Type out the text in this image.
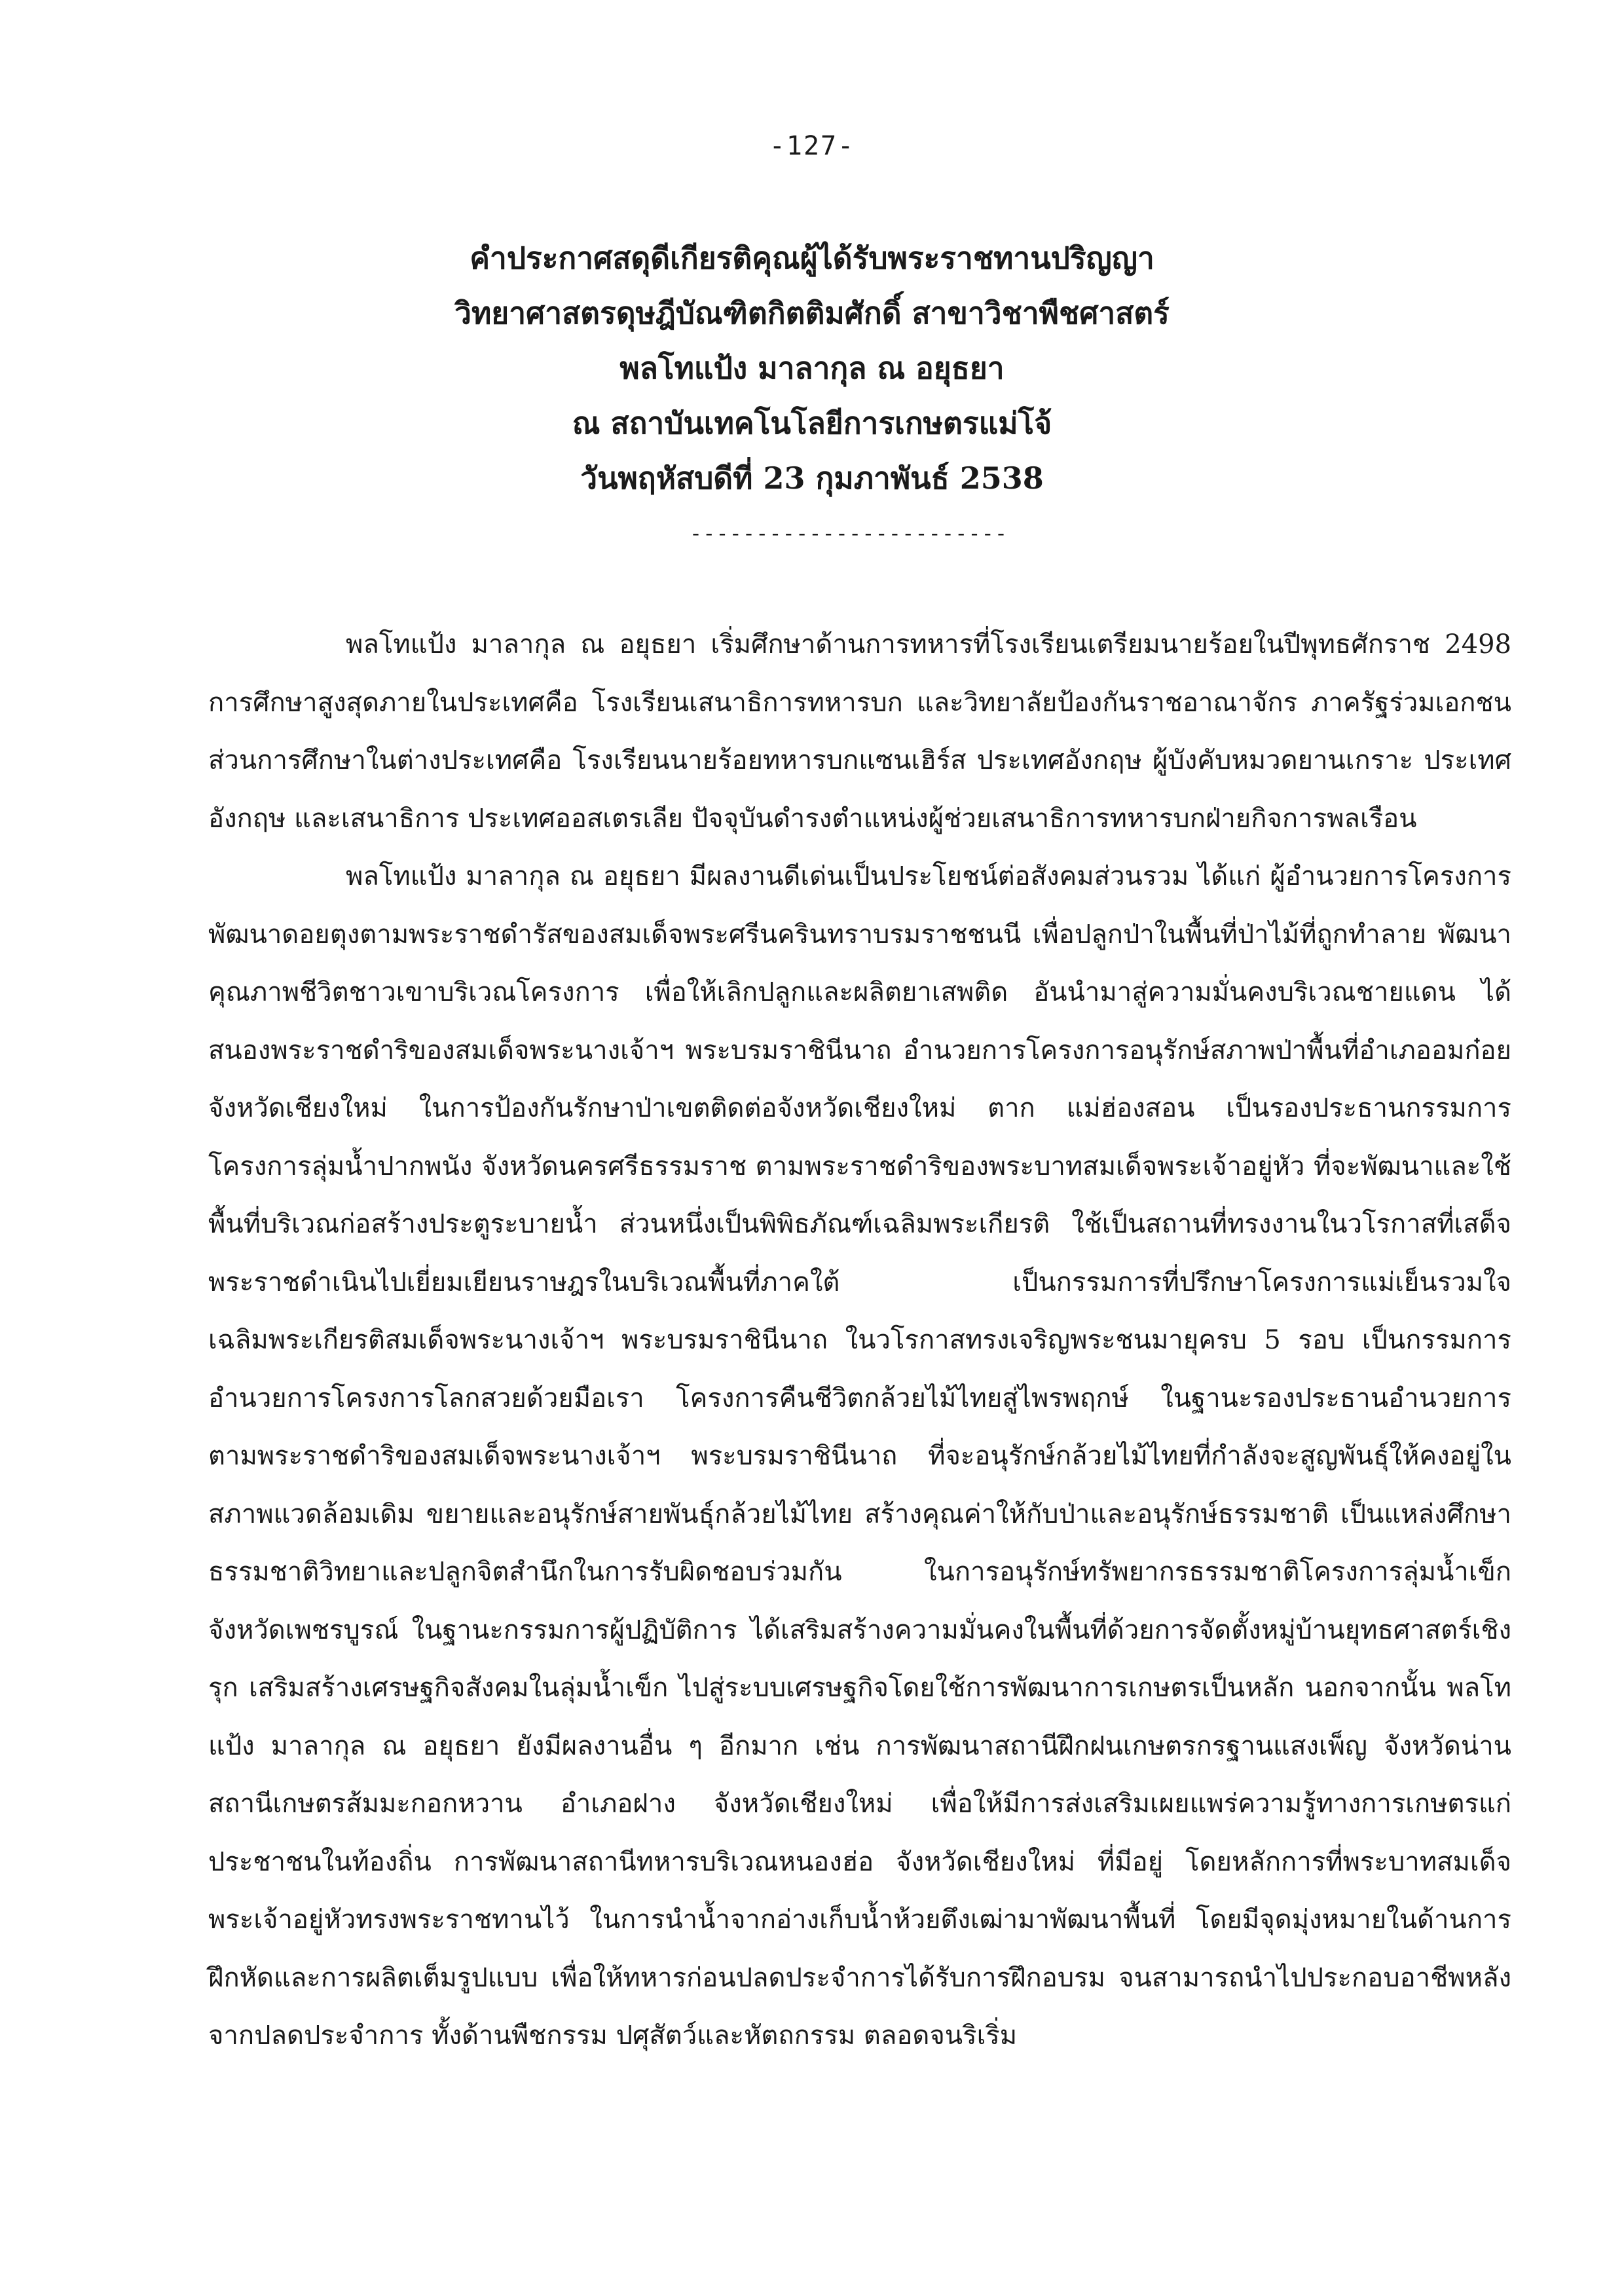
-127-
คำประกาศสดุดีเกียรติคุณผู้ได้รับพระราชทานปริญญา
วิทยาศาสตรดุษฎีบัณฑิตกิตติมศักดิ์ สาขาวิชาพืชศาสตร์
พลโทแป้ง มาลากุล ณ อยุธยา
ณ สถาบันเทคโนโลยีการเกษตรแม่โจ้
วันพฤหัสบดีที่ 23 กุมภาพันธ์ 2538
------------------------

พลโทแป้ง มาลากุล ณ อยุธยา เริ่มศึกษาด้านการทหารที่โรงเรียนเตรียมนายร้อยในปีพุทธศักราช 2498 การศึกษาสูงสุดภายในประเทศคือ โรงเรียนเสนาธิการทหารบก และวิทยาลัยป้องกันราชอาณาจักร ภาครัฐร่วมเอกชน ส่วนการศึกษาในต่างประเทศคือ โรงเรียนนายร้อยทหารบกแซนเฮิร์ส ประเทศอังกฤษ ผู้บังคับหมวดยานเกราะ ประเทศอังกฤษ และเสนาธิการ ประเทศออสเตรเลีย ปัจจุบันดำรงตำแหน่งผู้ช่วยเสนาธิการทหารบกฝ่ายกิจการพลเรือน

พลโทแป้ง มาลากุล ณ อยุธยา มีผลงานดีเด่นเป็นประโยชน์ต่อสังคมส่วนรวม ได้แก่ ผู้อำนวยการโครงการพัฒนาดอยตุงตามพระราชดำรัสของสมเด็จพระศรีนครินทราบรมราชชนนี เพื่อปลูกป่าในพื้นที่ป่าไม้ที่ถูกทำลาย พัฒนาคุณภาพชีวิตชาวเขาบริเวณโครงการ เพื่อให้เลิกปลูกและผลิตยาเสพติด อันนำมาสู่ความมั่นคงบริเวณชายแดน ได้สนองพระราชดำริของสมเด็จพระนางเจ้าฯ พระบรมราชินีนาถ อำนวยการโครงการอนุรักษ์สภาพป่าพื้นที่อำเภออมก๋อย จังหวัดเชียงใหม่ ในการป้องกันรักษาป่าเขตติดต่อจังหวัดเชียงใหม่ ตาก แม่ฮ่องสอน เป็นรองประธานกรรมการโครงการลุ่มน้ำปากพนัง จังหวัดนครศรีธรรมราช ตามพระราชดำริของพระบาทสมเด็จพระเจ้าอยู่หัว ที่จะพัฒนาและใช้พื้นที่บริเวณก่อสร้างประตูระบายน้ำ ส่วนหนึ่งเป็นพิพิธภัณฑ์เฉลิมพระเกียรติ ใช้เป็นสถานที่ทรงงานในวโรกาสที่เสด็จพระราชดำเนินไปเยี่ยมเยียนราษฎรในบริเวณพื้นที่ภาคใต้ เป็นกรรมการที่ปรึกษาโครงการแม่เย็นรวมใจเฉลิมพระเกียรติสมเด็จพระนางเจ้าฯ พระบรมราชินีนาถ ในวโรกาสทรงเจริญพระชนมายุครบ 5 รอบ เป็นกรรมการอำนวยการโครงการโลกสวยด้วยมือเรา โครงการคืนชีวิตกล้วยไม้ไทยสู่ไพรพฤกษ์ ในฐานะรองประธานอำนวยการ ตามพระราชดำริของสมเด็จพระนางเจ้าฯ พระบรมราชินีนาถ ที่จะอนุรักษ์กล้วยไม้ไทยที่กำลังจะสูญพันธุ์ให้คงอยู่ในสภาพแวดล้อมเดิม ขยายและอนุรักษ์สายพันธุ์กล้วยไม้ไทย สร้างคุณค่าให้กับป่าและอนุรักษ์ธรรมชาติ เป็นแหล่งศึกษาธรรมชาติวิทยาและปลูกจิตสำนึกในการรับผิดชอบร่วมกัน ในการอนุรักษ์ทรัพยากรธรรมชาติโครงการลุ่มน้ำเข็ก จังหวัดเพชรบูรณ์ ในฐานะกรรมการผู้ปฏิบัติการ ได้เสริมสร้างความมั่นคงในพื้นที่ด้วยการจัดตั้งหมู่บ้านยุทธศาสตร์เชิงรุก เสริมสร้างเศรษฐกิจสังคมในลุ่มน้ำเข็ก ไปสู่ระบบเศรษฐกิจโดยใช้การพัฒนาการเกษตรเป็นหลัก นอกจากนั้น พลโทแป้ง มาลากุล ณ อยุธยา ยังมีผลงานอื่น ๆ อีกมาก เช่น การพัฒนาสถานีฝึกฝนเกษตรกรฐานแสงเพ็ญ จังหวัดน่าน สถานีเกษตรส้มมะกอกหวาน อำเภอฝาง จังหวัดเชียงใหม่ เพื่อให้มีการส่งเสริมเผยแพร่ความรู้ทางการเกษตรแก่ประชาชนในท้องถิ่น การพัฒนาสถานีทหารบริเวณหนองฮ่อ จังหวัดเชียงใหม่ ที่มีอยู่ โดยหลักการที่พระบาทสมเด็จพระเจ้าอยู่หัวทรงพระราชทานไว้ ในการนำน้ำจากอ่างเก็บน้ำห้วยตึงเฒ่ามาพัฒนาพื้นที่ โดยมีจุดมุ่งหมายในด้านการฝึกหัดและการผลิตเต็มรูปแบบ เพื่อให้ทหารก่อนปลดประจำการได้รับการฝึกอบรม จนสามารถนำไปประกอบอาชีพหลังจากปลดประจำการ ทั้งด้านพืชกรรม ปศุสัตว์และหัตถกรรม ตลอดจนริเริ่ม
